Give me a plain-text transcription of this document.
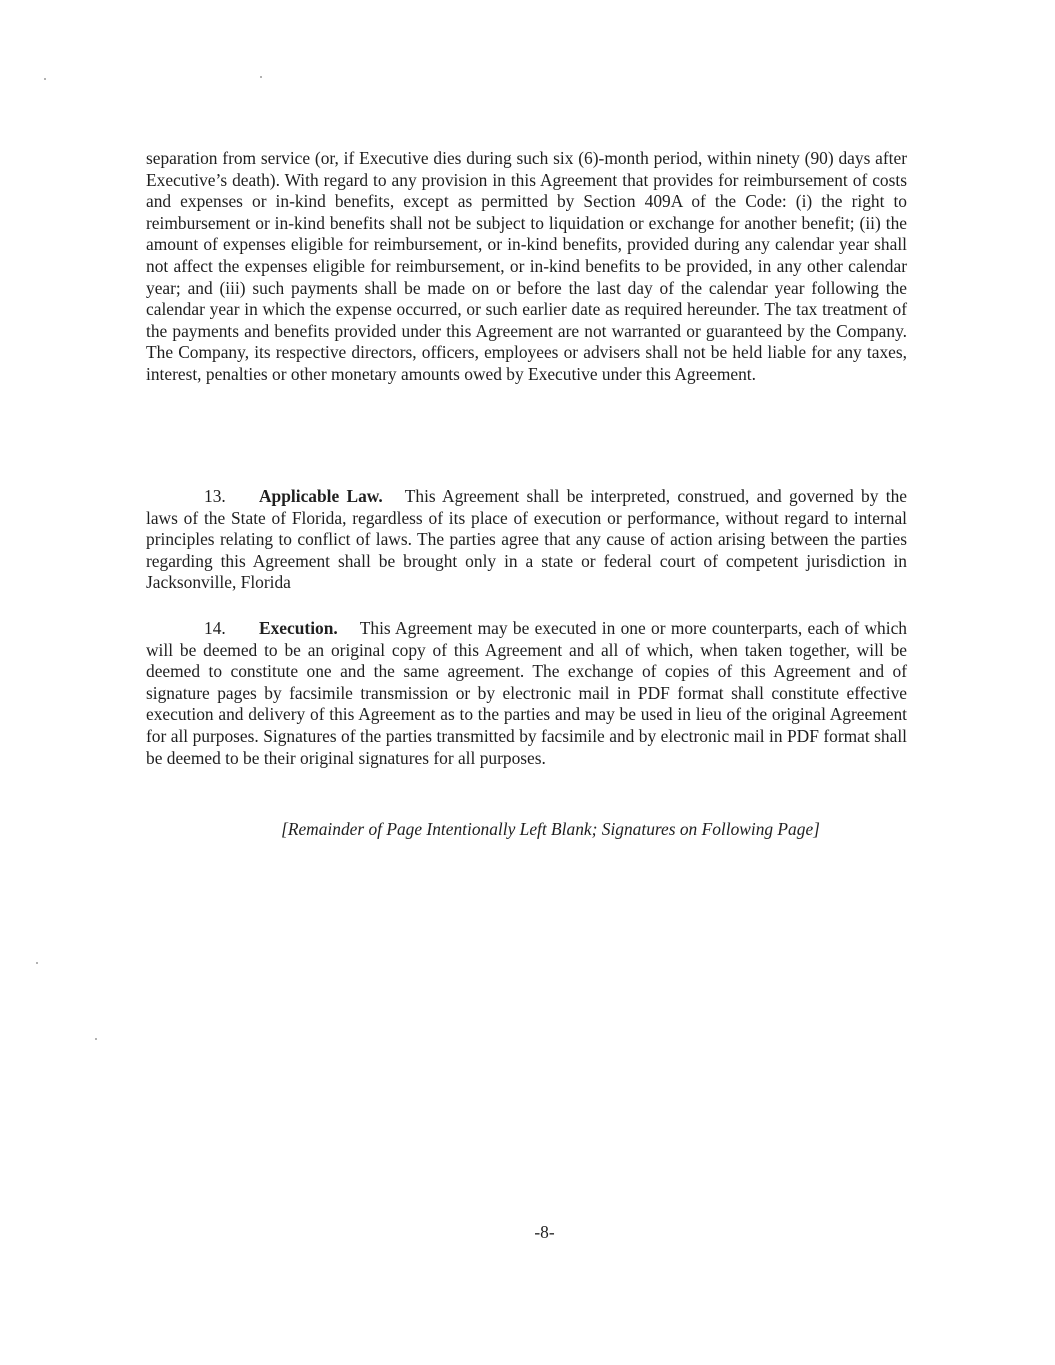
separation from service (or, if Executive dies during such six (6)-month period, within ninety (90) days after Executive’s death). With regard to any provision in this Agreement that provides for reimbursement of costs and expenses or in-kind benefits, except as permitted by Section 409A of the Code: (i) the right to reimbursement or in-kind benefits shall not be subject to liquidation or exchange for another benefit; (ii) the amount of expenses eligible for reimbursement, or in-kind benefits, provided during any calendar year shall not affect the expenses eligible for reimbursement, or in-kind benefits to be provided, in any other calendar year; and (iii) such payments shall be made on or before the last day of the calendar year following the calendar year in which the expense occurred, or such earlier date as required hereunder. The tax treatment of the payments and benefits provided under this Agreement are not warranted or guaranteed by the Company. The Company, its respective directors, officers, employees or advisers shall not be held liable for any taxes, interest, penalties or other monetary amounts owed by Executive under this Agreement.

13. Applicable Law. This Agreement shall be interpreted, construed, and governed by the laws of the State of Florida, regardless of its place of execution or performance, without regard to internal principles relating to conflict of laws. The parties agree that any cause of action arising between the parties regarding this Agreement shall be brought only in a state or federal court of competent jurisdiction in Jacksonville, Florida

14. Execution. This Agreement may be executed in one or more counterparts, each of which will be deemed to be an original copy of this Agreement and all of which, when taken together, will be deemed to constitute one and the same agreement. The exchange of copies of this Agreement and of signature pages by facsimile transmission or by electronic mail in PDF format shall constitute effective execution and delivery of this Agreement as to the parties and may be used in lieu of the original Agreement for all purposes. Signatures of the parties transmitted by facsimile and by electronic mail in PDF format shall be deemed to be their original signatures for all purposes.

[Remainder of Page Intentionally Left Blank; Signatures on Following Page]
-8-
